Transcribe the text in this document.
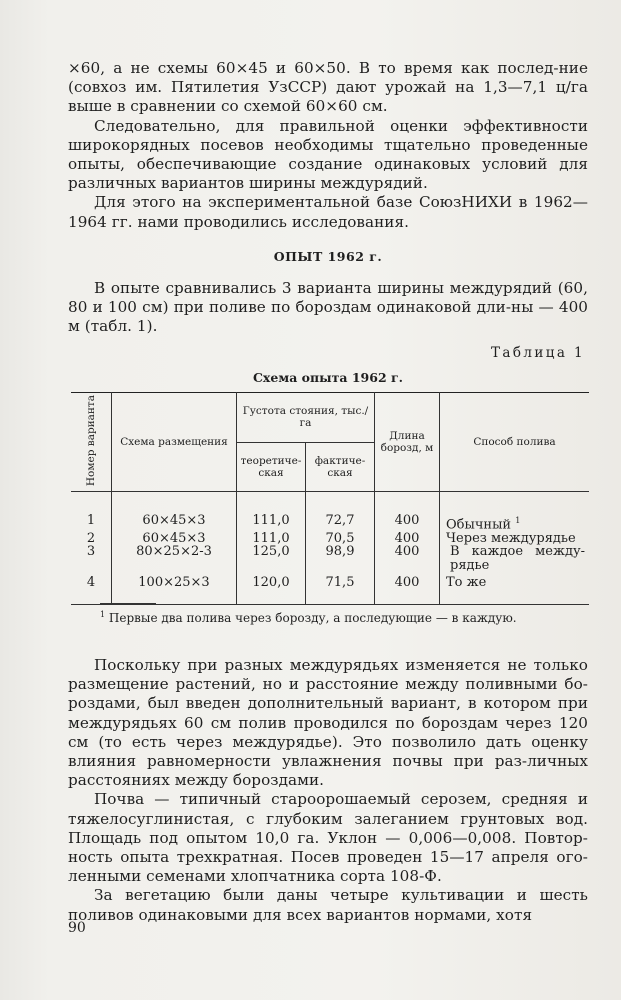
×60, а не схемы 60×45 и 60×50. В то время как послед-ние (совхоз им. Пятилетия УзССР) дают урожай на 1,3—7,1 ц/га выше в сравнении со схемой 60×60 см.

Следовательно, для правильной оценки эффективности широкорядных посевов необходимы тщательно проведенные опыты, обеспечивающие создание одинаковых условий для различных вариантов ширины междурядий.

Для этого на экспериментальной базе СоюзНИХИ в 1962—1964 гг. нами проводились исследования.

ОПЫТ 1962 г.

В опыте сравнивались 3 варианта ширины междурядий (60, 80 и 100 см) при поливе по бороздам одинаковой дли-ны — 400 м (табл. 1).

Таблица 1
Схема опыта 1962 г.
Номер варианта	Схема размещения	Густота стояния, тыс./га		Длина борозд, м	Способ полива
		теоретиче-ская	фактиче-ская		
1	60×45×3	111,0	72,7	400	Обычный $^1$
2	60×45×3	111,0	70,5	400	Через междурядье
3	80×25×2-3	125,0	98,9	400	В каждое между-рядье
4	100×25×3	120,0	71,5	400	То же
$^1$ Первые два полива через борозду, а последующие — в каждую.

Поскольку при разных междурядьях изменяется не только размещение растений, но и расстояние между поливными бо-роздами, был введен дополнительный вариант, в котором при междурядьях 60 см полив проводился по бороздам через 120 см (то есть через междурядье). Это позволило дать оценку влияния равномерности увлажнения почвы при раз-личных расстояниях между бороздами.

Почва — типичный староорошаемый серозем, средняя и тяжелосуглинистая, с глубоким залеганием грунтовых вод. Площадь под опытом 10,0 га. Уклон — 0,006—0,008. Повтор-ность опыта трехкратная. Посев проведен 15—17 апреля ого-ленными семенами хлопчатника сорта 108-Ф.

За вегетацию были даны четыре культивации и шесть поливов одинаковыми для всех вариантов нормами, хотя

90
